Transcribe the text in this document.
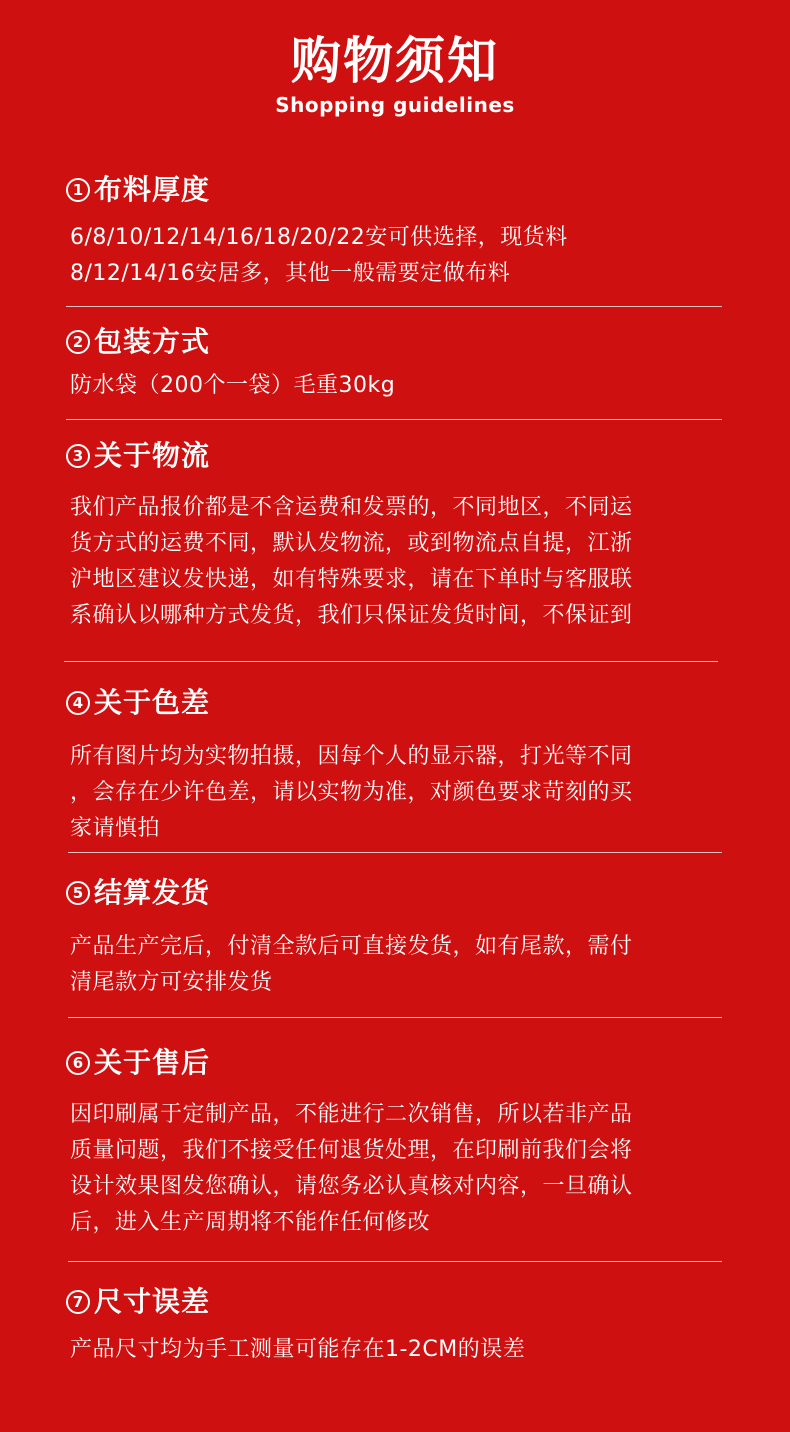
购物须知
Shopping guidelines
1 布料厚度
6/8/10/12/14/16/18/20/22安可供选择，现货料
8/12/14/16安居多，其他一般需要定做布料
2 包装方式
防水袋（200个一袋）毛重30kg
3 关于物流
我们产品报价都是不含运费和发票的，不同地区，不同运
货方式的运费不同，默认发物流，或到物流点自提，江浙
沪地区建议发快递，如有特殊要求，请在下单时与客服联
系确认以哪种方式发货，我们只保证发货时间，不保证到
4 关于色差
所有图片均为实物拍摄，因每个人的显示器，打光等不同
，会存在少许色差，请以实物为准，对颜色要求苛刻的买
家请慎拍
5 结算发货
产品生产完后，付清全款后可直接发货，如有尾款，需付
清尾款方可安排发货
6 关于售后
因印刷属于定制产品，不能进行二次销售，所以若非产品
质量问题，我们不接受任何退货处理，在印刷前我们会将
设计效果图发您确认，请您务必认真核对内容，一旦确认
后，进入生产周期将不能作任何修改
7 尺寸误差
产品尺寸均为手工测量可能存在1-2CM的误差
